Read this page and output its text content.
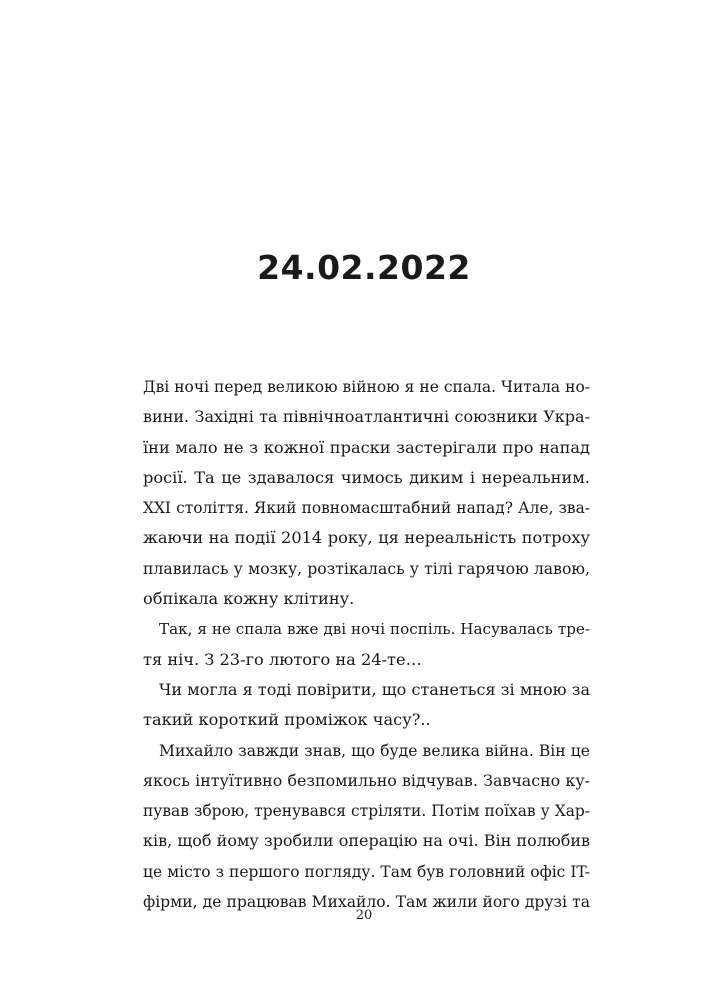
24.02.2022
Дві ночі перед великою війною я не спала. Читала но-
вини. Західні та північноатлантичні союзники Укра-
їни мало не з кожної праски застерігали про напад
росії. Та це здавалося чимось диким і нереальним.
XXI століття. Який повномасштабний напад? Але, зва-
жаючи на події 2014 року, ця нереальність потроху
плавилась у мозку, розтікалась у тілі гарячою лавою,
обпікала кожну клітину.
Так, я не спала вже дві ночі поспіль. Насувалась тре-
тя ніч. З 23-го лютого на 24-те…
Чи могла я тоді повірити, що станеться зі мною за
такий короткий проміжок часу?..
Михайло завжди знав, що буде велика війна. Він це
якось інтуїтивно безпомильно відчував. Завчасно ку-
пував зброю, тренувався стріляти. Потім поїхав у Хар-
ків, щоб йому зробили операцію на очі. Він полюбив
це місто з першого погляду. Там був головний офіс IT-
фірми, де працював Михайло. Там жили його друзі та
20
